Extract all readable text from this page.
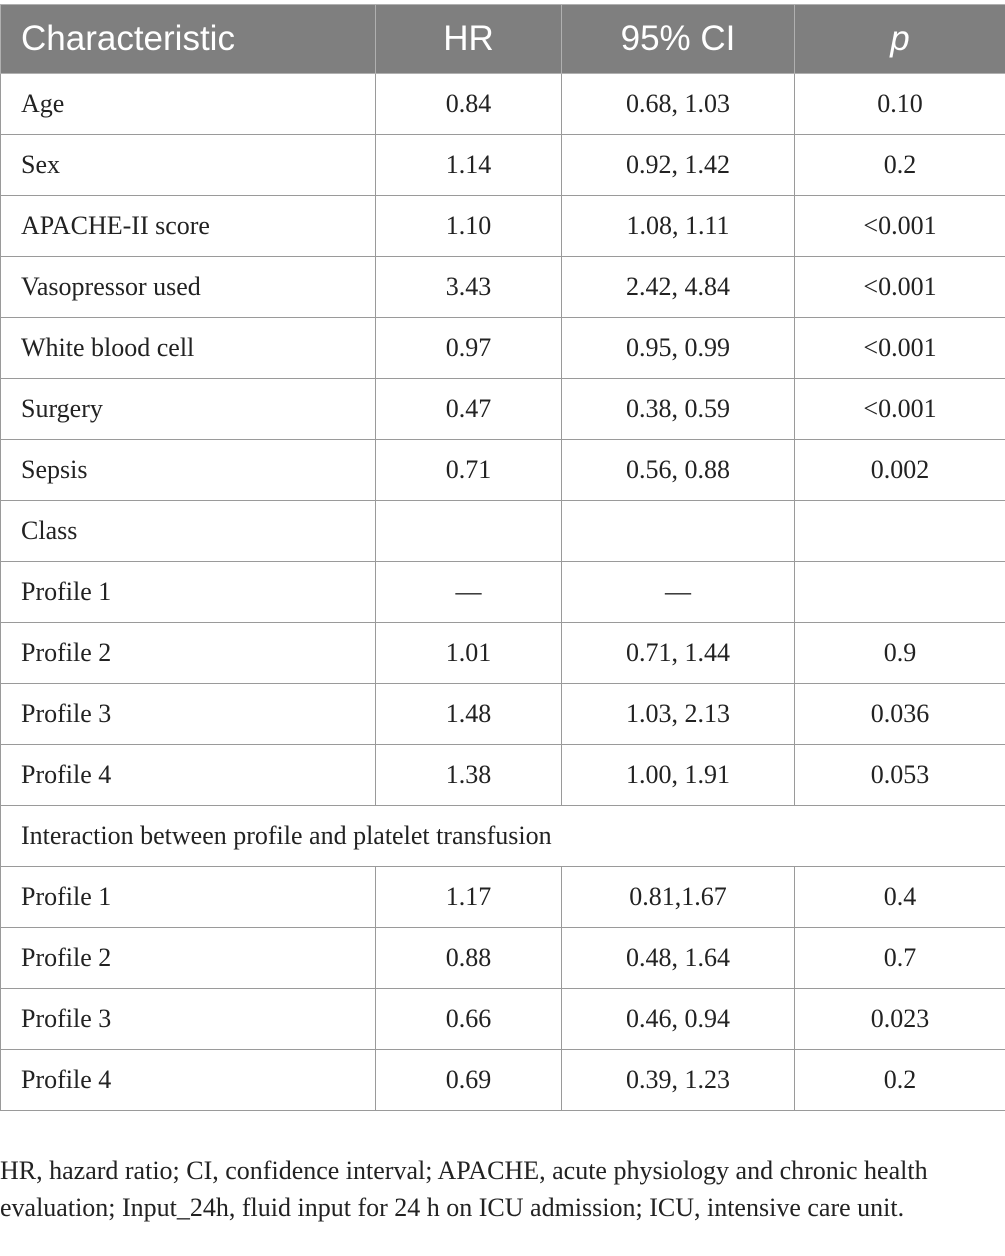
Characteristic	HR	95% CI	p
Age	0.84	0.68, 1.03	0.10
Sex	1.14	0.92, 1.42	0.2
APACHE-II score	1.10	1.08, 1.11	<0.001
Vasopressor used	3.43	2.42, 4.84	<0.001
White blood cell	0.97	0.95, 0.99	<0.001
Surgery	0.47	0.38, 0.59	<0.001
Sepsis	0.71	0.56, 0.88	0.002
Class			
Profile 1	—	—	
Profile 2	1.01	0.71, 1.44	0.9
Profile 3	1.48	1.03, 2.13	0.036
Profile 4	1.38	1.00, 1.91	0.053
Interaction between profile and platelet transfusion			
Profile 1	1.17	0.81,1.67	0.4
Profile 2	0.88	0.48, 1.64	0.7
Profile 3	0.66	0.46, 0.94	0.023
Profile 4	0.69	0.39, 1.23	0.2
HR, hazard ratio; CI, confidence interval; APACHE, acute physiology and chronic health evaluation; Input_24h, fluid input for 24 h on ICU admission; ICU, intensive care unit.
